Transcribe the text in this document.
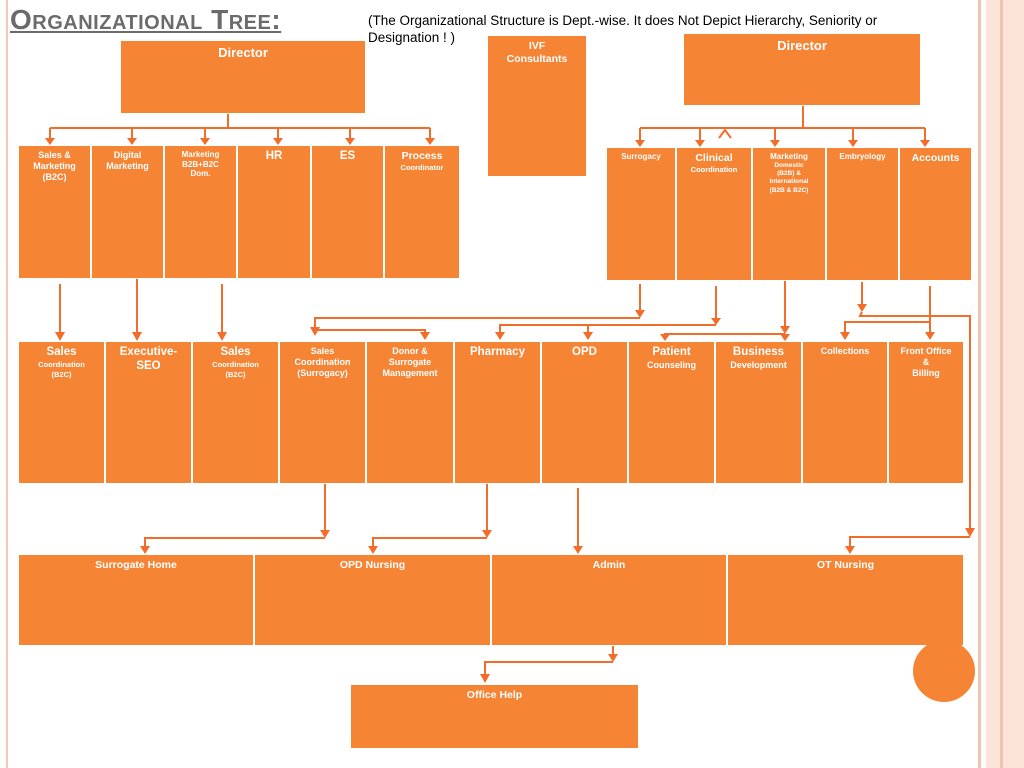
Organizational Tree:	(The Organizational Structure is Dept.-wise. It does Not Depict Hierarchy, Seniority or Designation ! )
Director	IVF
Consultants
Director
Sales &
Marketing
(B2C)
Digital
Marketing
Marketing
B2B+B2C
Dom.
HR	ES	Process
Coordinator
Surrogacy	Clinical
Coordination
Marketing
Domestic
(B2B) &
International
(B2B & B2C)
Embryology	Accounts
Sales
Coordination
(B2C)
Executive-
SEO
Sales
Coordination
(B2C)
Sales
Coordination
(Surrogacy)
Donor &
Surrogate
Management
Pharmacy	OPD	Patient
Counseling
Business
Development
Collections	Front Office
&
Billing
Surrogate Home	OPD Nursing	Admin	OT Nursing
Office Help
